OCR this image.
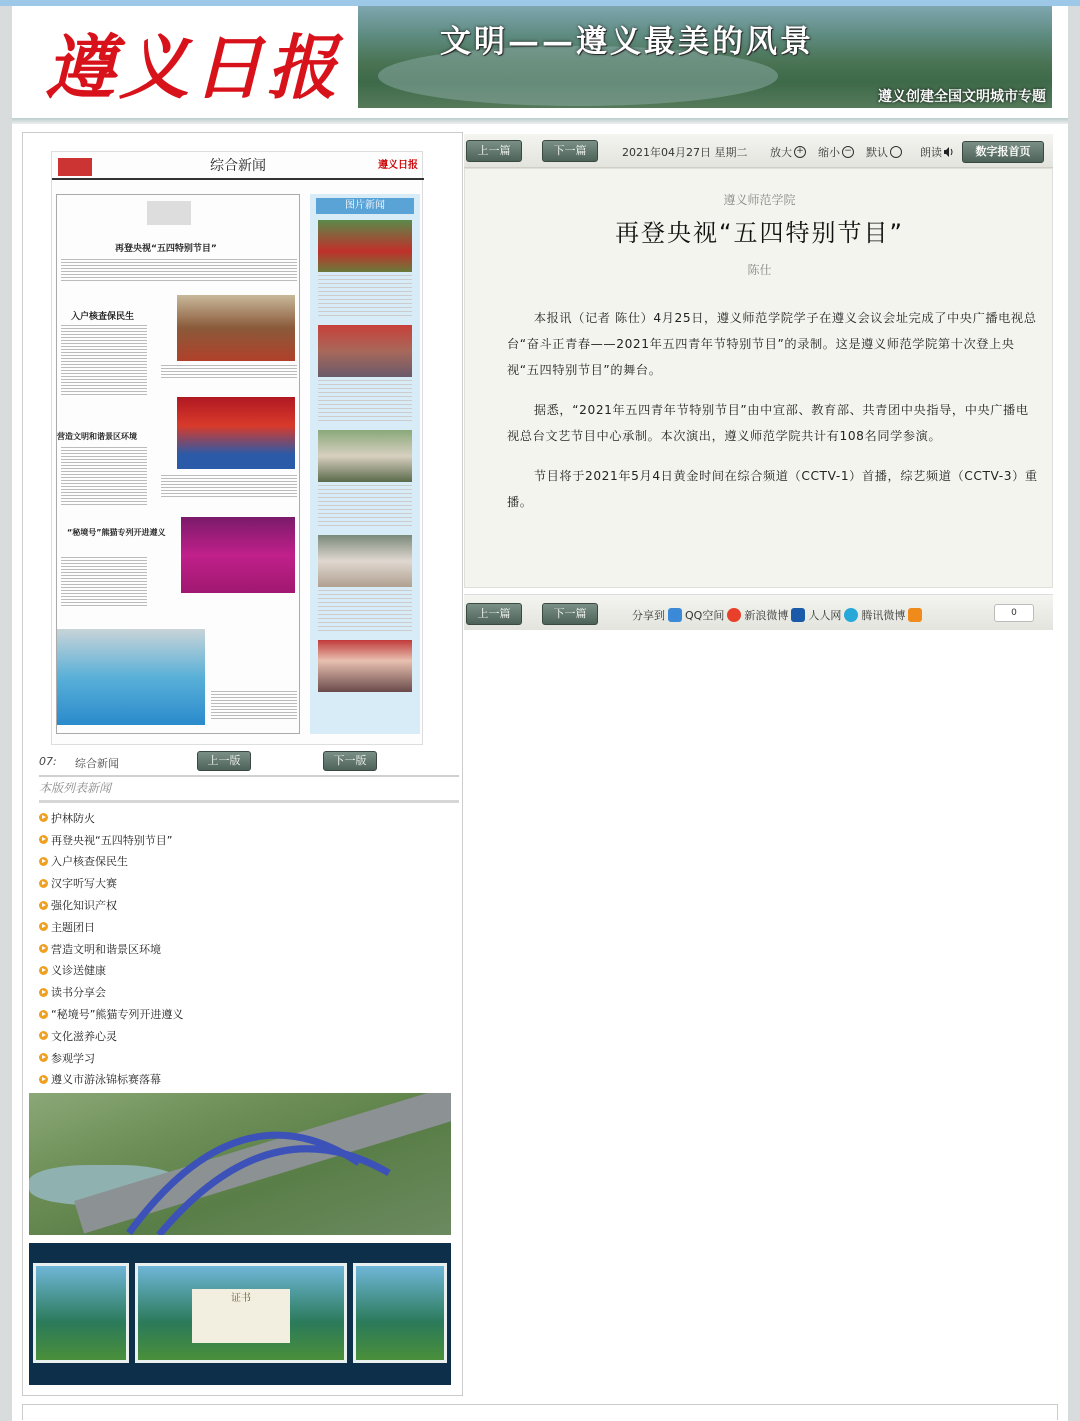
遵义日报	文明——遵义最美的风景
遵义创建全国文明城市专题
综合新闻	遵义日报
再登央视“五四特别节目”
入户核查保民生
营造文明和谐景区环境
“秘境号”熊猫专列开进遵义
图片新闻
07: 综合新闻	上一版	下一版
本版列表新闻
护林防火
再登央视“五四特别节目”
入户核查保民生
汉字听写大赛
强化知识产权
主题团日
营造文明和谐景区环境
义诊送健康
读书分享会
“秘境号”熊猫专列开进遵义
文化滋养心灵
参观学习
遵义市游泳锦标赛落幕
证书
上一篇	下一篇	2021年04月27日 星期二 放大 + 缩小 − 默认	朗读	数字报首页
遵义师范学院
再登央视“五四特别节目”
陈仕

本报讯（记者 陈仕）4月25日，遵义师范学院学子在遵义会议会址完成了中央广播电视总台“奋斗正青春——2021年五四青年节特别节目”的录制。这是遵义师范学院第十次登上央视“五四特别节目”的舞台。

据悉，“2021年五四青年节特别节目”由中宣部、教育部、共青团中央指导，中央广播电视总台文艺节目中心承制。本次演出，遵义师范学院共计有108名同学参演。

节目将于2021年5月4日黄金时间在综合频道（CCTV-1）首播，综艺频道（CCTV-3）重播。

上一篇	下一篇	分享到 QQ空间 新浪微博 人人网 腾讯微博	0
